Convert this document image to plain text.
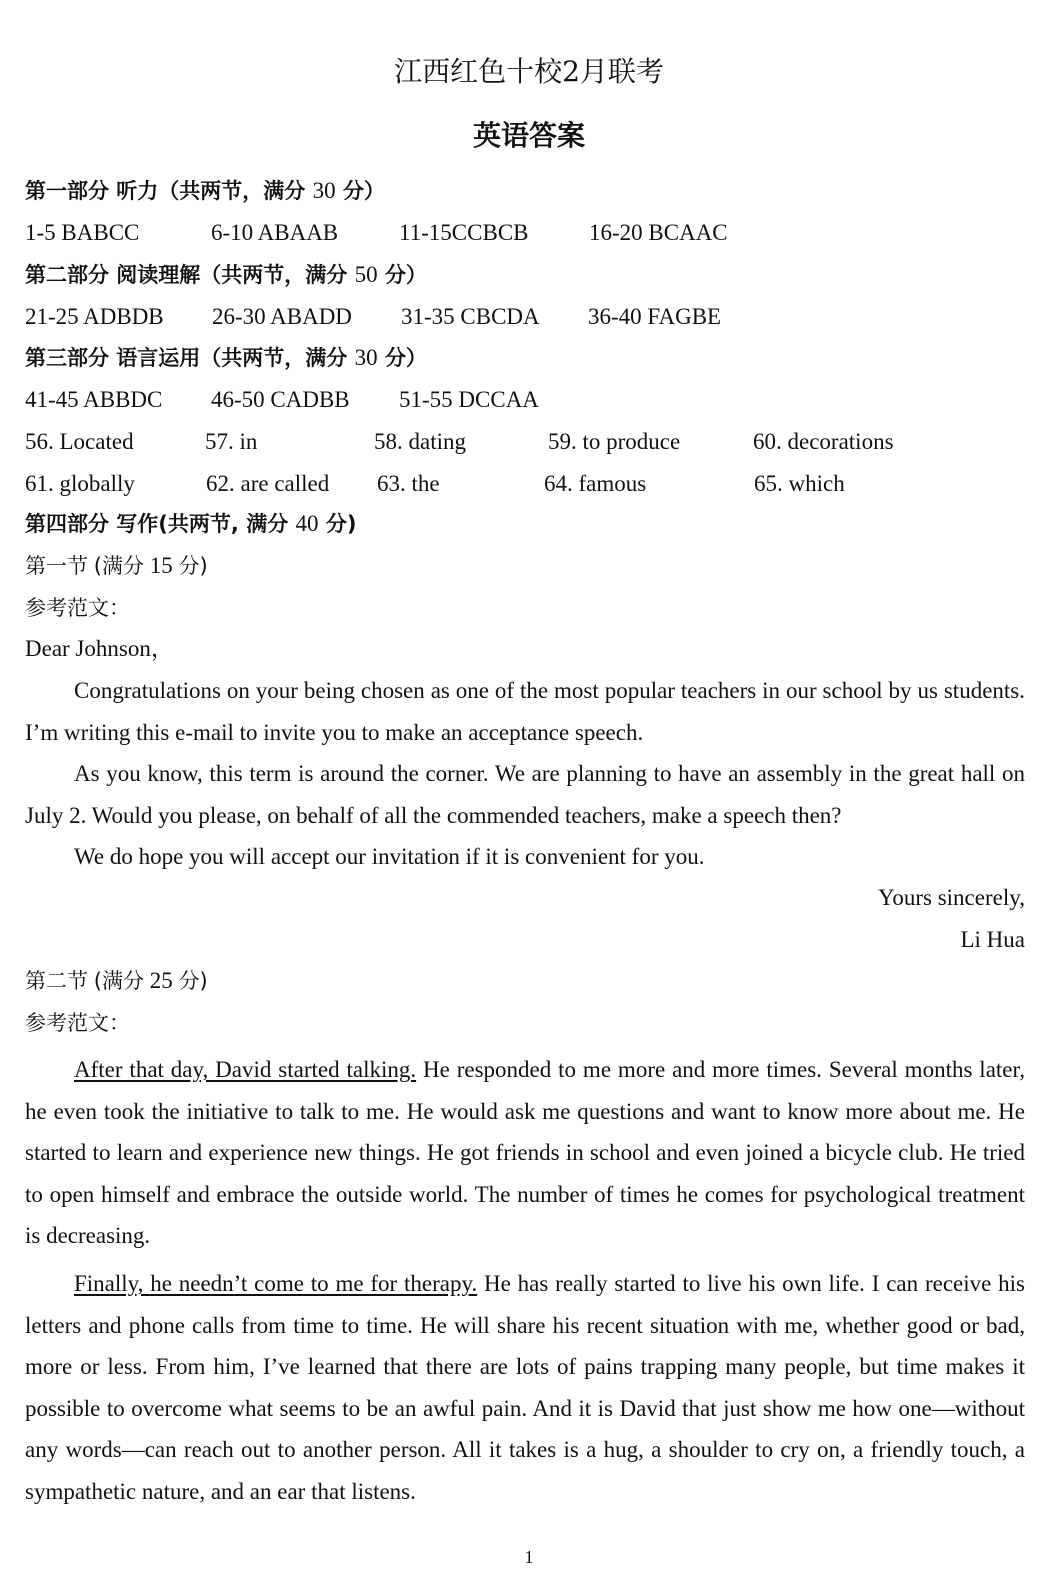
江西红色十校2月联考
英语答案
第一部分 听力（共两节，满分 30 分）
1-5 BABCC	6-10 ABAAB	11-15CCBCB	16-20 BCAAC
第二部分 阅读理解（共两节，满分 50 分）
21-25 ADBDB 26-30 ABADD 31-35 CBCDA 36-40 FAGBE
第三部分 语言运用（共两节，满分 30 分）
41-45 ABBDC 46-50 CADBB 51-55 DCCAA
56. Located	57. in	58. dating	59. to produce	60. decorations
61. globally	62. are called 63. the	64. famous	65. which
第四部分 写作(共两节, 满分 40 分)
第一节 (满分 15 分)
参考范文：
Dear Johnson，
Congratulations on your being chosen as one of the most popular teachers in our school by us students. I’m writing this e-mail to invite you to make an acceptance speech.
As you know, this term is around the corner. We are planning to have an assembly in the great hall on July 2. Would you please, on behalf of all the commended teachers, make a speech then?
We do hope you will accept our invitation if it is convenient for you.
Yours sincerely,
Li Hua
第二节 (满分 25 分)
参考范文：
After that day, David started talking. He responded to me more and more times. Several months later, he even took the initiative to talk to me. He would ask me questions and want to know more about me. He started to learn and experience new things. He got friends in school and even joined a bicycle club. He tried to open himself and embrace the outside world. The number of times he comes for psychological treatment is decreasing.
Finally, he needn’t come to me for therapy. He has really started to live his own life. I can receive his letters and phone calls from time to time. He will share his recent situation with me, whether good or bad, more or less. From him, I’ve learned that there are lots of pains trapping many people, but time makes it possible to overcome what seems to be an awful pain. And it is David that just show me how one—without any words—can reach out to another person. All it takes is a hug, a shoulder to cry on, a friendly touch, a sympathetic nature, and an ear that listens.
1
